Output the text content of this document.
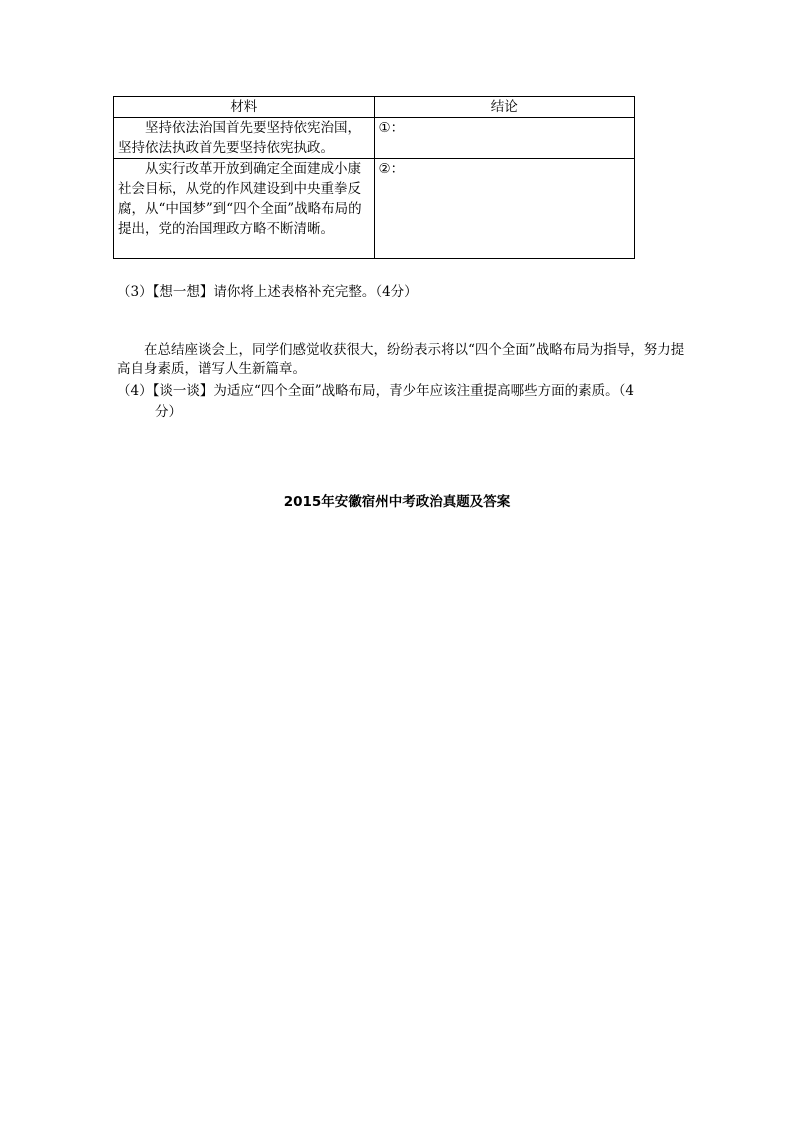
材料	结论
坚持依法治国首先要坚持依宪治国，坚持依法执政首先要坚持依宪执政。	①：
从实行改革开放到确定全面建成小康社会目标，从党的作风建设到中央重拳反腐，从“中国梦”到“四个全面”战略布局的提出，党的治国理政方略不断清晰。	②：
（3）【想一想】请你将上述表格补充完整。（4分）
在总结座谈会上，同学们感觉收获很大，纷纷表示将以“四个全面”战略布局为指导，努力提高自身素质，谱写人生新篇章。
（4）【谈一谈】为适应“四个全面”战略布局，青少年应该注重提高哪些方面的素质。（4
分）
2015年安徽宿州中考政治真题及答案
